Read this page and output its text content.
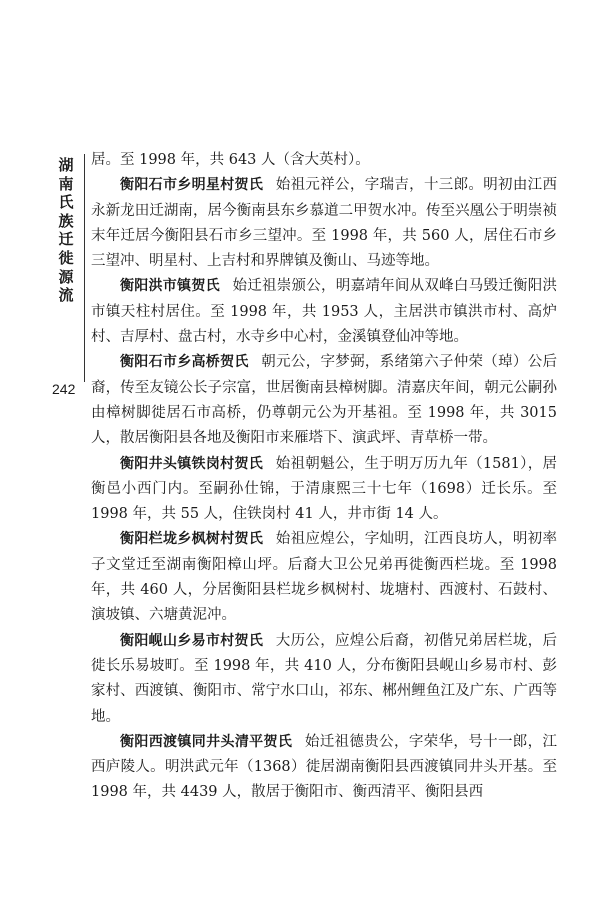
湖南氏族迁徙源流
242

居。至 1998 年，共 643 人（含大英村）。

衡阳石市乡明星村贺氏 始祖元祥公，字瑞吉，十三郎。明初由江西永新龙田迁湖南，居今衡南县东乡慕道二甲贺水冲。传至兴凰公于明崇祯末年迁居今衡阳县石市乡三望冲。至 1998 年，共 560 人，居住石市乡三望冲、明星村、上吉村和界牌镇及衡山、马迹等地。

衡阳洪市镇贺氏 始迁祖崇颁公，明嘉靖年间从双峰白马毁迁衡阳洪市镇天柱村居住。至 1998 年，共 1953 人，主居洪市镇洪市村、高炉村、吉厚村、盘古村，水寺乡中心村，金溪镇登仙冲等地。

衡阳石市乡高桥贺氏 朝元公，字梦弼，系绪第六子仲荣（琸）公后裔，传至友镜公长子宗富，世居衡南县樟树脚。清嘉庆年间，朝元公嗣孙由樟树脚徙居石市高桥，仍尊朝元公为开基祖。至 1998 年，共 3015 人，散居衡阳县各地及衡阳市来雁塔下、演武坪、青草桥一带。

衡阳井头镇铁岗村贺氏 始祖朝魁公，生于明万历九年（1581），居衡邑小西门内。至嗣孙仕锦，于清康熙三十七年（1698）迁长乐。至 1998 年，共 55 人，住铁岗村 41 人，井市街 14 人。

衡阳栏垅乡枫树村贺氏 始祖应煌公，字灿明，江西良坊人，明初率子文堂迁至湖南衡阳樟山坪。后裔大卫公兄弟再徙衡西栏垅。至 1998 年，共 460 人，分居衡阳县栏垅乡枫树村、垅塘村、西渡村、石鼓村、演坡镇、六塘黄泥冲。

衡阳岘山乡易市村贺氏 大历公，应煌公后裔，初偕兄弟居栏垅，后徙长乐易坡町。至 1998 年，共 410 人，分布衡阳县岘山乡易市村、彭家村、西渡镇、衡阳市、常宁水口山，祁东、郴州鲤鱼江及广东、广西等地。

衡阳西渡镇同井头清平贺氏 始迁祖德贵公，字荣华，号十一郎，江西庐陵人。明洪武元年（1368）徙居湖南衡阳县西渡镇同井头开基。至 1998 年，共 4439 人，散居于衡阳市、衡西清平、衡阳县西
